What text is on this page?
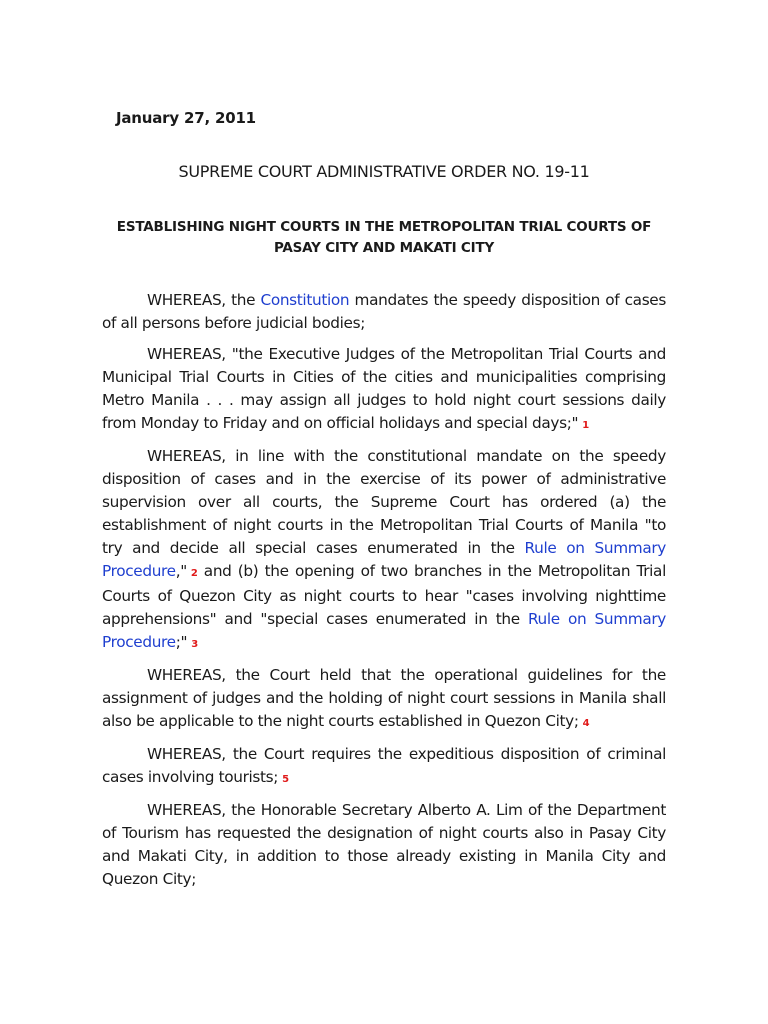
January 27, 2011
SUPREME COURT ADMINISTRATIVE ORDER NO. 19-11
ESTABLISHING NIGHT COURTS IN THE METROPOLITAN TRIAL COURTS OF PASAY CITY AND MAKATI CITY

WHEREAS, the Constitution mandates the speedy disposition of cases of all persons before judicial bodies;

WHEREAS, "the Executive Judges of the Metropolitan Trial Courts and Municipal Trial Courts in Cities of the cities and municipalities comprising Metro Manila . . . may assign all judges to hold night court sessions daily from Monday to Friday and on official holidays and special days;" 1

WHEREAS, in line with the constitutional mandate on the speedy disposition of cases and in the exercise of its power of administrative supervision over all courts, the Supreme Court has ordered (a) the establishment of night courts in the Metropolitan Trial Courts of Manila "to try and decide all special cases enumerated in the Rule on Summary Procedure," 2 and (b) the opening of two branches in the Metropolitan Trial Courts of Quezon City as night courts to hear "cases involving nighttime apprehensions" and "special cases enumerated in the Rule on Summary Procedure;" 3

WHEREAS, the Court held that the operational guidelines for the assignment of judges and the holding of night court sessions in Manila shall also be applicable to the night courts established in Quezon City; 4

WHEREAS, the Court requires the expeditious disposition of criminal cases involving tourists; 5

WHEREAS, the Honorable Secretary Alberto A. Lim of the Department of Tourism has requested the designation of night courts also in Pasay City and Makati City, in addition to those already existing in Manila City and Quezon City;
